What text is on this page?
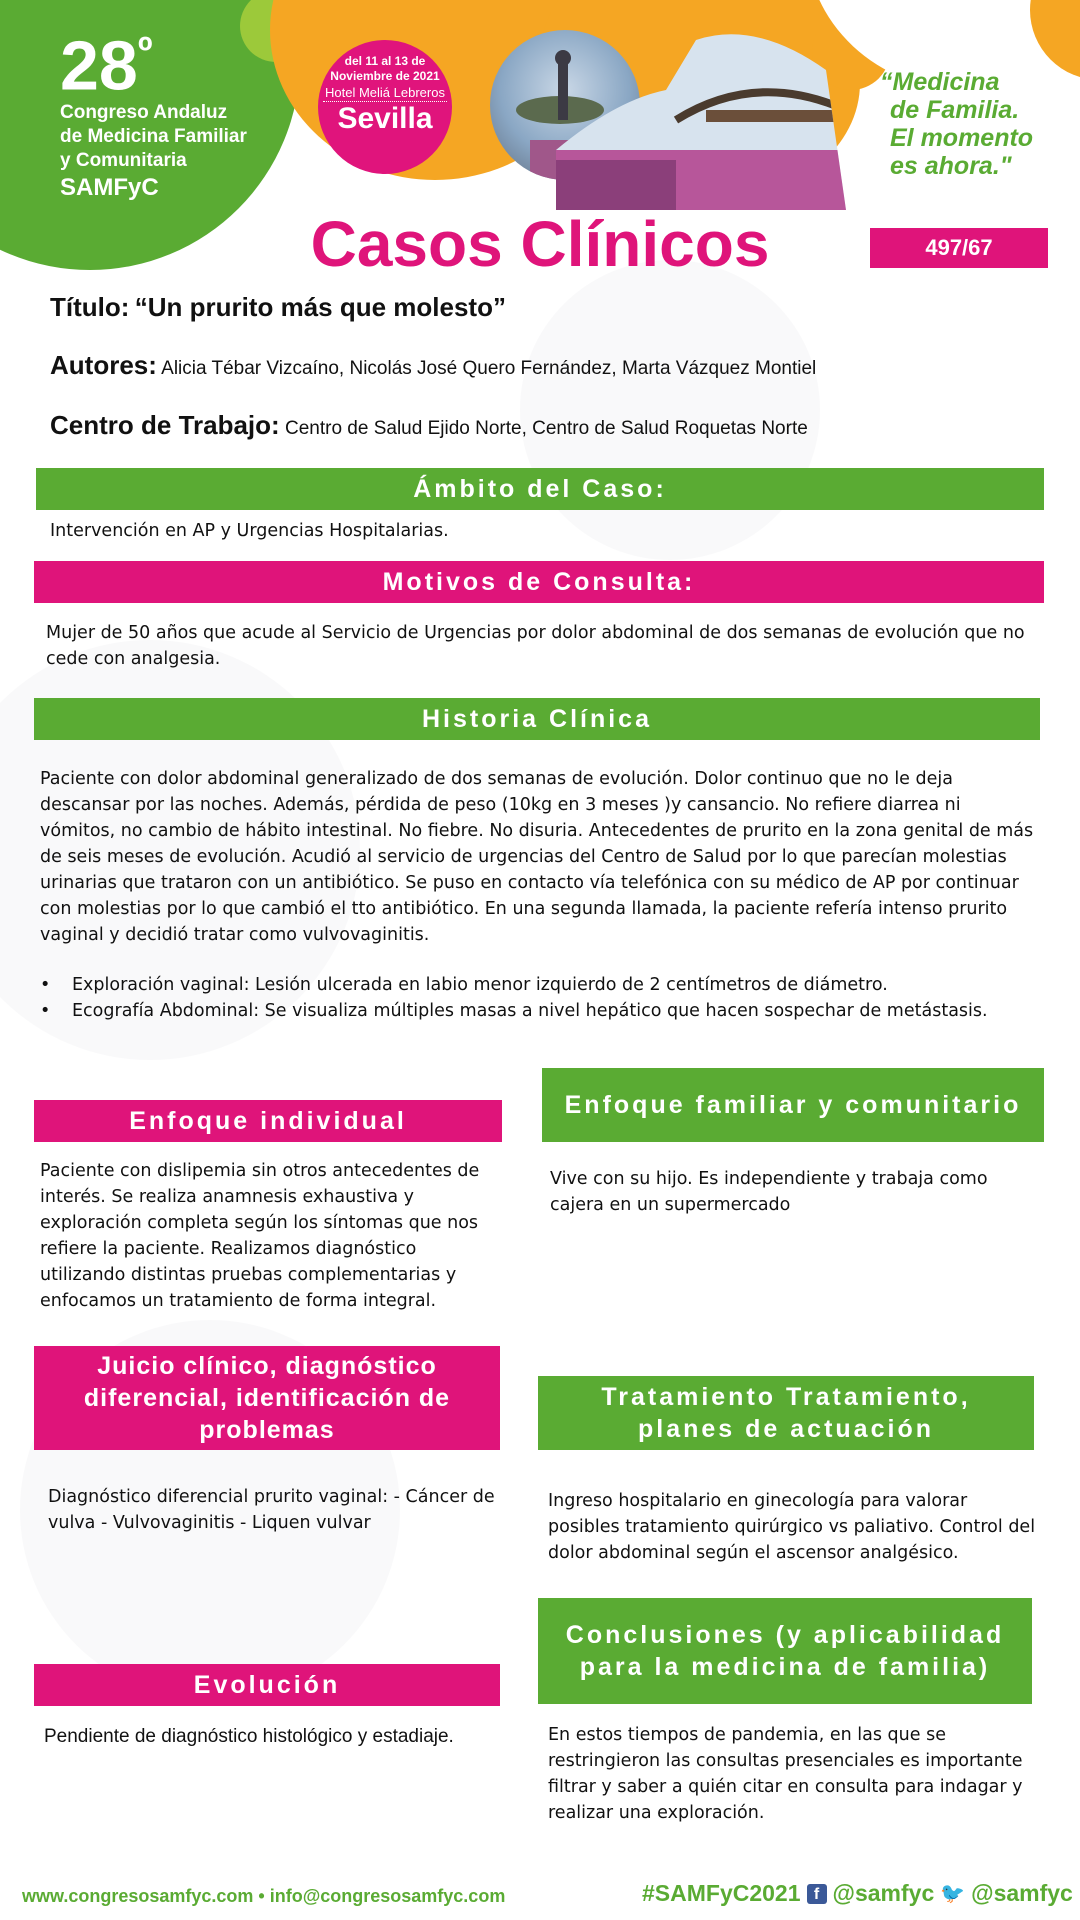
$28^º$
Congreso Andaluz
de Medicina Familiar
y Comunitaria
SAMFyC
del 11 al 13 de
Noviembre de 2021
Hotel Meliá Lebreros
Sevilla
“Medicina
de Familia.
El momento
es ahora."
Casos Clínicos	497/67
Título: “Un prurito más que molesto”
Autores: Alicia Tébar Vizcaíno, Nicolás José Quero Fernández, Marta Vázquez Montiel
Centro de Trabajo: Centro de Salud Ejido Norte, Centro de Salud Roquetas Norte
Ámbito del Caso:
Intervención en AP y Urgencias Hospitalarias.
Motivos de Consulta:
Mujer de 50 años que acude al Servicio de Urgencias por dolor abdominal de dos semanas de evolución que no cede con analgesia.
Historia Clínica
Paciente con dolor abdominal generalizado de dos semanas de evolución. Dolor continuo que no le deja descansar por las noches. Además, pérdida de peso (10kg en 3 meses )y cansancio. No refiere diarrea ni vómitos, no cambio de hábito intestinal. No fiebre. No disuria. Antecedentes de prurito en la zona genital de más de seis meses de evolución. Acudió al servicio de urgencias del Centro de Salud por lo que parecían molestias urinarias que trataron con un antibiótico. Se puso en contacto vía telefónica con su médico de AP por continuar con molestias por lo que cambió el tto antibiótico. En una segunda llamada, la paciente refería intenso prurito vaginal y decidió tratar como vulvovaginitis.
• Exploración vaginal: Lesión ulcerada en labio menor izquierdo de 2 centímetros de diámetro.
• Ecografía Abdominal: Se visualiza múltiples masas a nivel hepático que hacen sospechar de metástasis.
Enfoque individual
Paciente con dislipemia sin otros antecedentes de interés. Se realiza anamnesis exhaustiva y exploración completa según los síntomas que nos refiere la paciente. Realizamos diagnóstico utilizando distintas pruebas complementarias y enfocamos un tratamiento de forma integral.
Enfoque familiar y comunitario
Vive con su hijo. Es independiente y trabaja como cajera en un supermercado
Juicio clínico, diagnóstico diferencial, identificación de problemas
Diagnóstico diferencial prurito vaginal: - Cáncer de vulva - Vulvovaginitis - Liquen vulvar
Tratamiento Tratamiento, planes de actuación
Ingreso hospitalario en ginecología para valorar posibles tratamiento quirúrgico vs paliativo. Control del dolor abdominal según el ascensor analgésico.
Conclusiones (y aplicabilidad para la medicina de familia)
En estos tiempos de pandemia, en las que se restringieron las consultas presenciales es importante filtrar y saber a quién citar en consulta para indagar y realizar una exploración.
Evolución
Pendiente de diagnóstico histológico y estadiaje.
www.congresosamfyc.com • info@congresosamfyc.com	#SAMFyC2021 f @samfyc 🐦 @samfyc
